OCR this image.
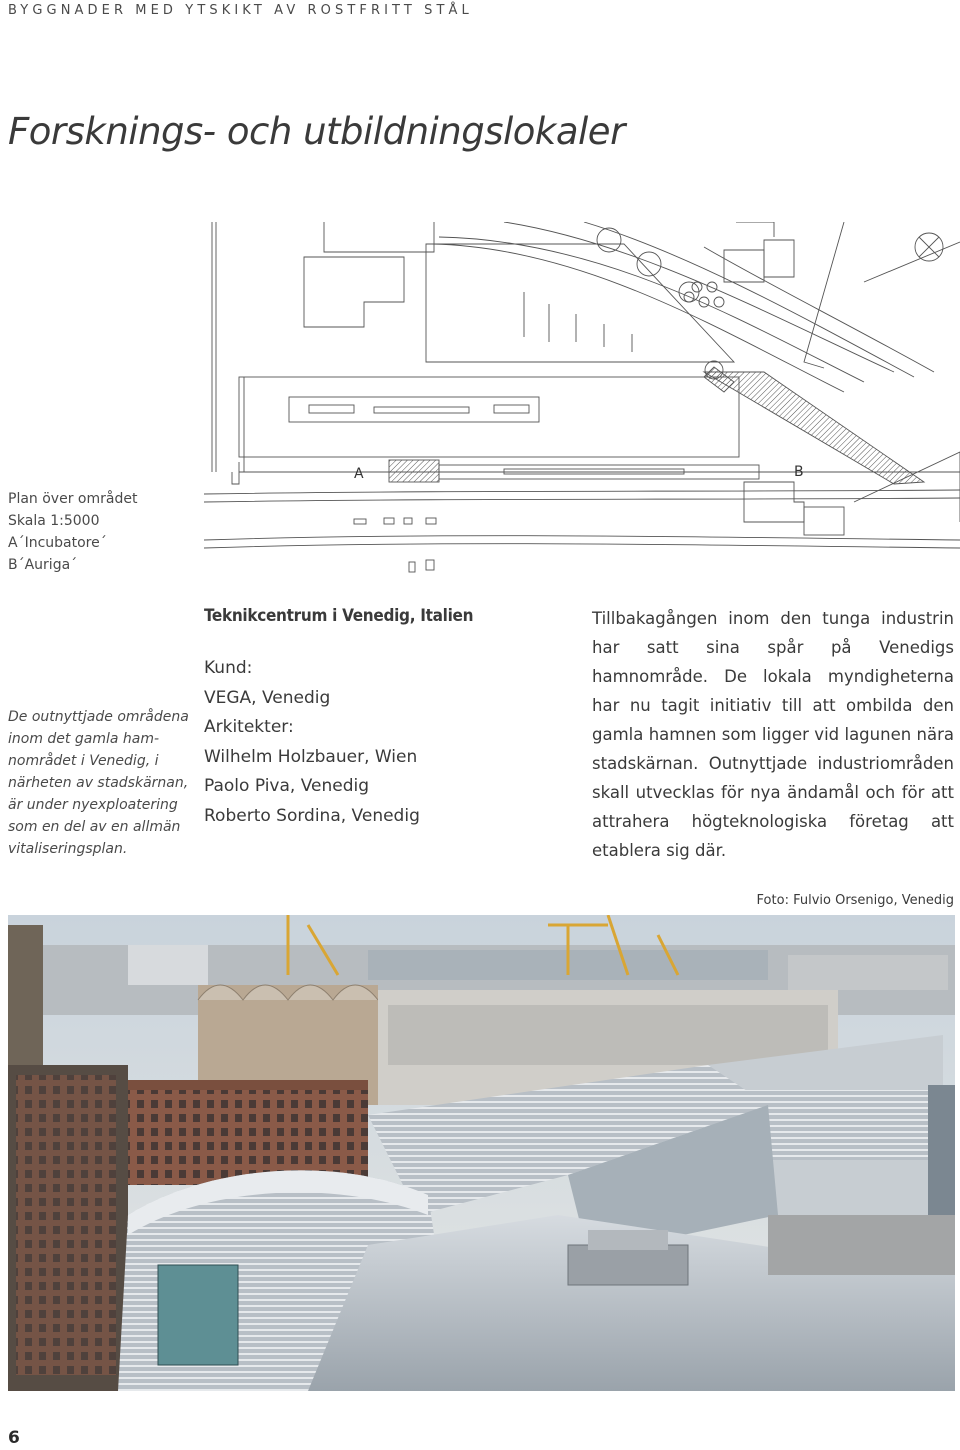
BYGGNADER MED YTSKIKT AV ROSTFRITT STÅL
Forsknings- och utbildningslokaler
A	B
Plan över området
Skala 1:5000
A´Incubatore´
B´Auriga´
De outnyttjade områdena
inom det gamla ham-
nområdet i Venedig, i
närheten av stadskärnan,
är under nyexploatering
som en del av en allmän
vitaliseringsplan.
Teknikcentrum i Venedig, Italien
Kund:
VEGA, Venedig
Arkitekter:
Wilhelm Holzbauer, Wien
Paolo Piva, Venedig
Roberto Sordina, Venedig
Tillbakagången inom den tunga industrin har satt sina spår på Venedigs hamnområde. De lokala myndigheterna har nu tagit initiativ till att ombilda den gamla hamnen som ligger vid lagunen nära stadskärnan. Outnyttjade industriområden skall utvecklas för nya ändamål och för att attrahera högteknologiska företag att etablera sig där.
Foto: Fulvio Orsenigo, Venedig
6
